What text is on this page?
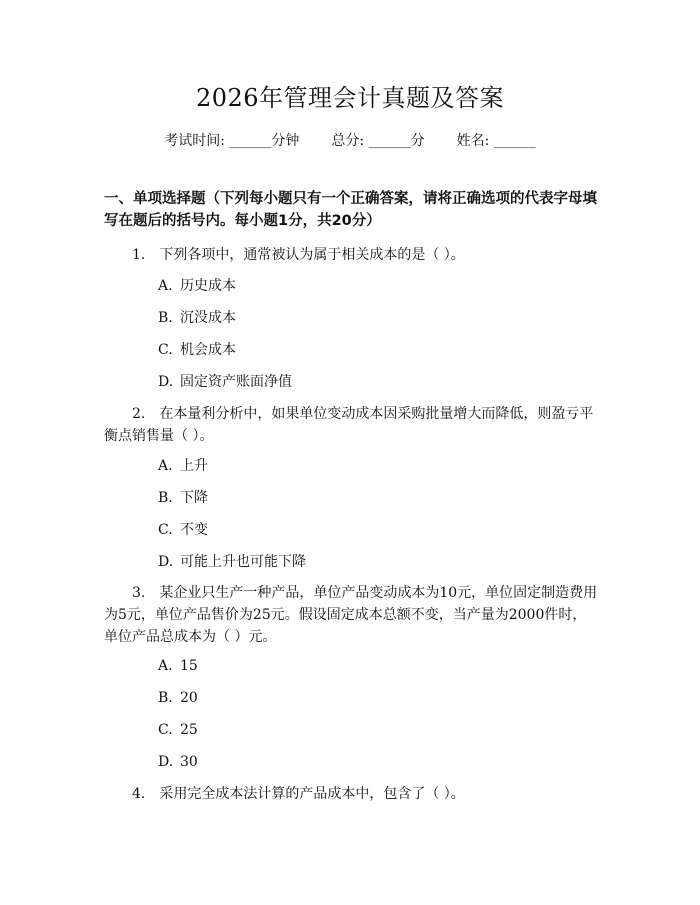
2026年管理会计真题及答案
考试时间: ______分钟 总分: ______分 姓名: ______

一、单项选择题（下列每小题只有一个正确答案，请将正确选项的代表字母填写在题后的括号内。每小题1分，共20分）

1. 下列各项中，通常被认为属于相关成本的是（ ）。

A. 历史成本
B. 沉没成本
C. 机会成本
D. 固定资产账面净值

2. 在本量利分析中，如果单位变动成本因采购批量增大而降低，则盈亏平衡点销售量（ ）。

A. 上升
B. 下降
C. 不变
D. 可能上升也可能下降

3. 某企业只生产一种产品，单位产品变动成本为10元，单位固定制造费用为5元，单位产品售价为25元。假设固定成本总额不变，当产量为2000件时，单位产品总成本为（ ）元。

A. 15
B. 20
C. 25
D. 30

4. 采用完全成本法计算的产品成本中，包含了（ ）。
